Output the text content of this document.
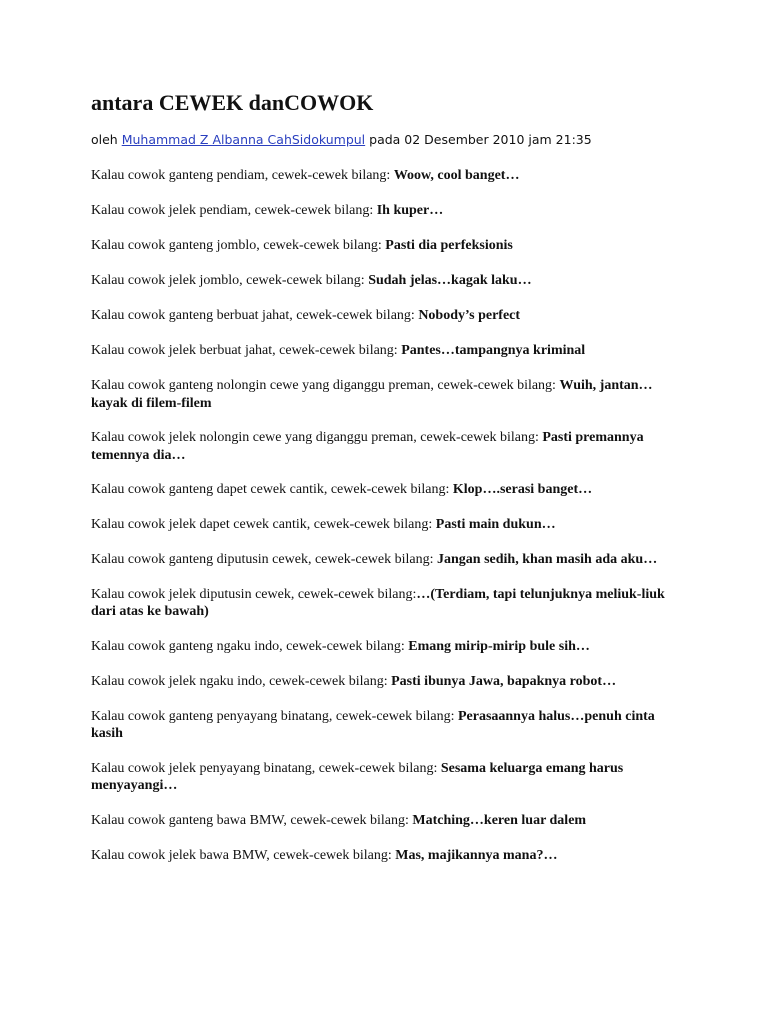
antara CEWEK danCOWOK
oleh Muhammad Z Albanna CahSidokumpul pada 02 Desember 2010 jam 21:35

Kalau cowok ganteng pendiam, cewek-cewek bilang: Woow, cool banget…

Kalau cowok jelek pendiam, cewek-cewek bilang: Ih kuper…

Kalau cowok ganteng jomblo, cewek-cewek bilang: Pasti dia perfeksionis

Kalau cowok jelek jomblo, cewek-cewek bilang: Sudah jelas…kagak laku…

Kalau cowok ganteng berbuat jahat, cewek-cewek bilang: Nobody’s perfect

Kalau cowok jelek berbuat jahat, cewek-cewek bilang: Pantes…tampangnya kriminal

Kalau cowok ganteng nolongin cewe yang diganggu preman, cewek-cewek bilang: Wuih, jantan…kayak di filem-filem

Kalau cowok jelek nolongin cewe yang diganggu preman, cewek-cewek bilang: Pasti premannya temennya dia…

Kalau cowok ganteng dapet cewek cantik, cewek-cewek bilang: Klop….serasi banget…

Kalau cowok jelek dapet cewek cantik, cewek-cewek bilang: Pasti main dukun…

Kalau cowok ganteng diputusin cewek, cewek-cewek bilang: Jangan sedih, khan masih ada aku…

Kalau cowok jelek diputusin cewek, cewek-cewek bilang:…(Terdiam, tapi telunjuknya meliuk-liuk dari atas ke bawah)

Kalau cowok ganteng ngaku indo, cewek-cewek bilang: Emang mirip-mirip bule sih…

Kalau cowok jelek ngaku indo, cewek-cewek bilang: Pasti ibunya Jawa, bapaknya robot…

Kalau cowok ganteng penyayang binatang, cewek-cewek bilang: Perasaannya halus…penuh cinta kasih

Kalau cowok jelek penyayang binatang, cewek-cewek bilang: Sesama keluarga emang harus menyayangi…

Kalau cowok ganteng bawa BMW, cewek-cewek bilang: Matching…keren luar dalem

Kalau cowok jelek bawa BMW, cewek-cewek bilang: Mas, majikannya mana?…
